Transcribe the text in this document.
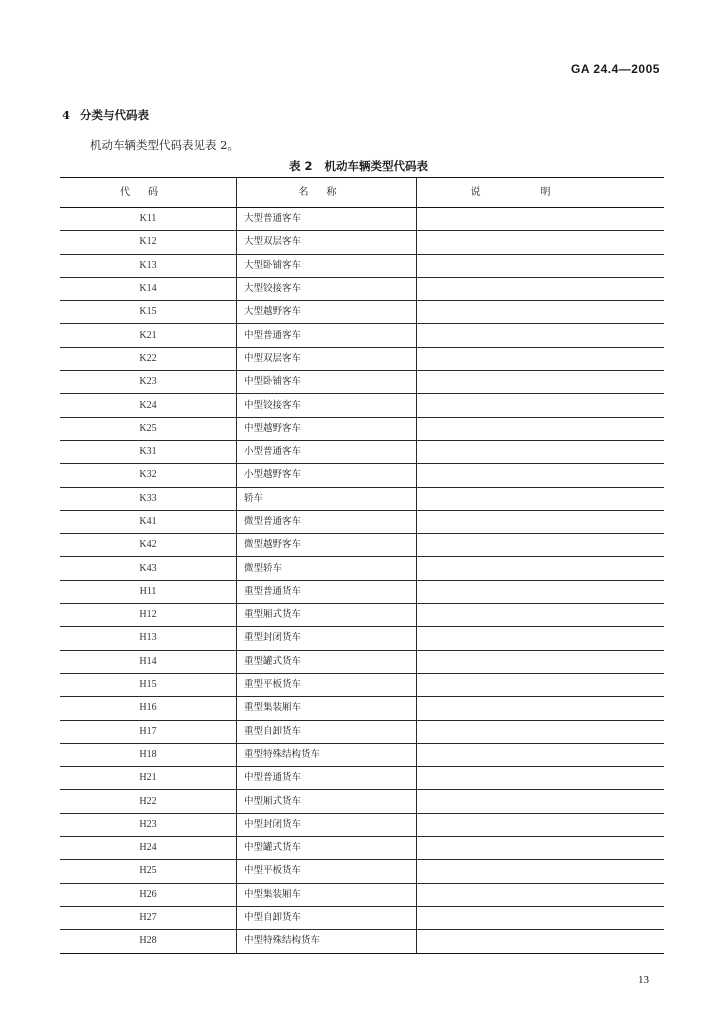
GA 24.4—2005
4 分类与代码表
机动车辆类型代码表见表 2。
表 2 机动车辆类型代码表
代码	名称	说明
K11	大型普通客车	
K12	大型双层客车	
K13	大型卧铺客车	
K14	大型铰接客车	
K15	大型越野客车	
K21	中型普通客车	
K22	中型双层客车	
K23	中型卧铺客车	
K24	中型铰接客车	
K25	中型越野客车	
K31	小型普通客车	
K32	小型越野客车	
K33	轿车	
K41	微型普通客车	
K42	微型越野客车	
K43	微型轿车	
H11	重型普通货车	
H12	重型厢式货车	
H13	重型封闭货车	
H14	重型罐式货车	
H15	重型平板货车	
H16	重型集装厢车	
H17	重型自卸货车	
H18	重型特殊结构货车	
H21	中型普通货车	
H22	中型厢式货车	
H23	中型封闭货车	
H24	中型罐式货车	
H25	中型平板货车	
H26	中型集装厢车	
H27	中型自卸货车	
H28	中型特殊结构货车	
13
